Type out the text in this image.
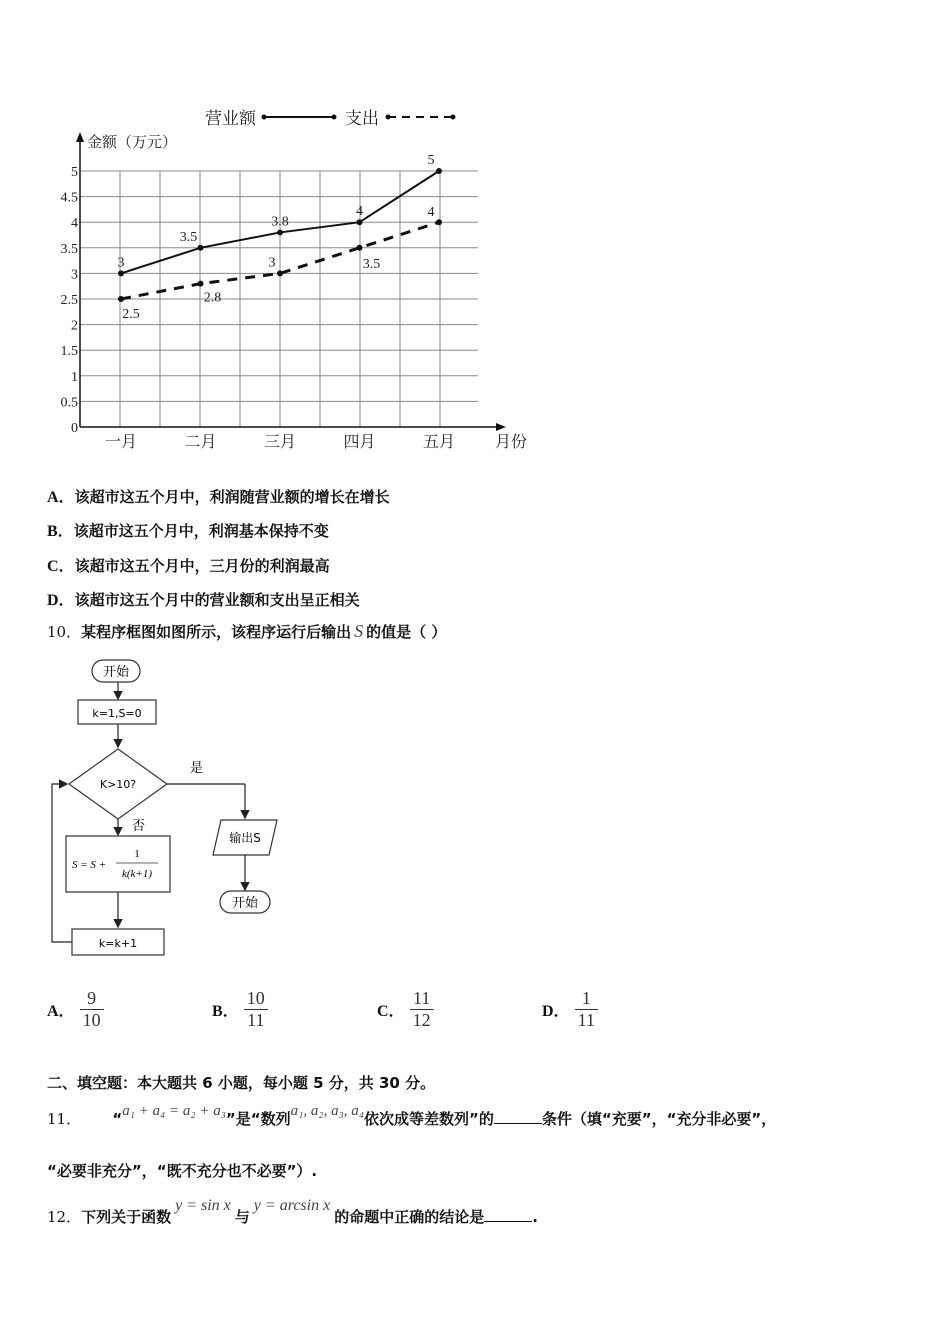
营业额	支出
金额（万元）
月份
5
4.5
4
3.5
3
2.5
2
1.5
1
0.5
0
一月	二月	三月	四月	五月
3
3.5
3.8
4
5
2.5
2.8
3	3.5
4
A．该超市这五个月中，利润随营业额的增长在增长
B．该超市这五个月中，利润基本保持不变
C．该超市这五个月中，三月份的利润最高
D．该超市这五个月中的营业额和支出呈正相关
10．某程序框图如图所示，该程序运行后输出 S 的值是（ ）
开始
k=1,S=0
K>10?
是
否
S = S +
1
k(k+1)
k=k+1
输出S
开始
A． $\frac{9}{10}$	B． $\frac{10}{11}$	C． $\frac{11}{12}$	D． $\frac{1}{11}$
二、填空题：本大题共 6 小题，每小题 5 分，共 30 分。
11． “a₁ + a₄ = a₂ + a₃”是“数列a₁, a₂, a₃, a₄依次成等差数列”的	条件（填“充要”，“充分非必要”，
“必要非充分”，“既不充分也不必要”）.
12．下列关于函数y = sin x与y = arcsin x的命题中正确的结论是	.
